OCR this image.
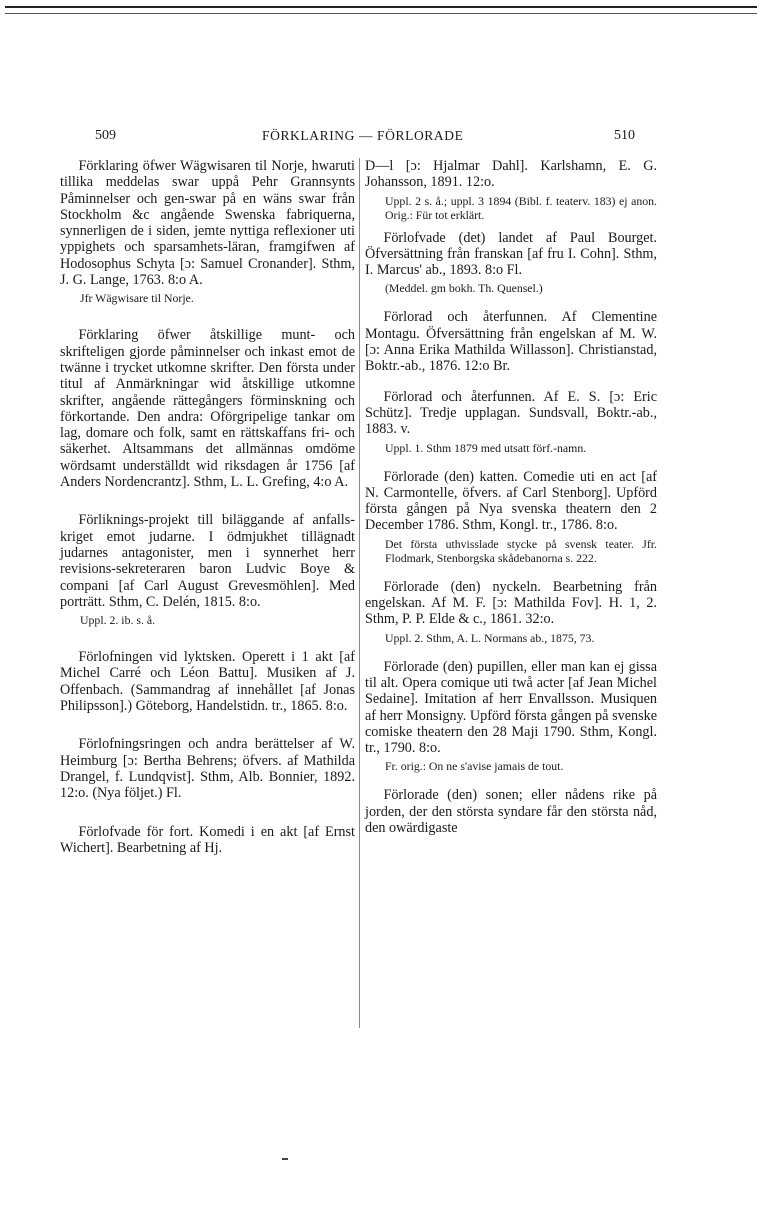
509	FÖRKLARING — FÖRLORADE	510

Förklaring öfwer Wägwisaren til Norje, hwaruti tillika meddelas swar uppå Pehr Grannsynts Påminnelser och gen-swar på en wäns swar från Stockholm &c angående Swenska fabriquerna, synnerligen de i siden, jemte nyttiga reflexioner uti yppighets och sparsamhets-läran, framgifwen af Hodosophus Schyta [ɔ: Samuel Cronander]. Sthm, J. G. Lange, 1763. 8:o A.

Jfr Wägwisare til Norje.

Förklaring öfwer åtskillige munt- och skrifteligen gjorde påminnelser och inkast emot de twänne i trycket utkomne skrifter. Den första under titul af Anmärkningar wid åtskillige utkomne skrifter, angående rättegångers förminskning och förkortande. Den andra: Oförgripelige tankar om lag, domare och folk, samt en rättskaffans fri- och säkerhet. Altsammans det allmännas omdöme wördsamt underställdt wid riksdagen år 1756 [af Anders Nordencrantz]. Sthm, L. L. Grefing, 4:o A.

Förliknings-projekt till biläggande af anfalls-kriget emot judarne. I ödmjukhet tillägnadt judarnes antagonister, men i synnerhet herr revisions-sekreteraren baron Ludvic Boye & compani [af Carl August Grevesmöhlen]. Med porträtt. Sthm, C. Delén, 1815. 8:o.

Uppl. 2. ib. s. å.

Förlofningen vid lyktsken. Operett i 1 akt [af Michel Carré och Léon Battu]. Musiken af J. Offenbach. (Sammandrag af innehållet [af Jonas Philipsson].) Göteborg, Handelstidn. tr., 1865. 8:o.

Förlofningsringen och andra berättelser af W. Heimburg [ɔ: Bertha Behrens; öfvers. af Mathilda Drangel, f. Lundqvist]. Sthm, Alb. Bonnier, 1892. 12:o. (Nya följet.) Fl.

Förlofvade för fort. Komedi i en akt [af Ernst Wichert]. Bearbetning af Hj.

D—l [ɔ: Hjalmar Dahl]. Karlshamn, E. G. Johansson, 1891. 12:o.

Uppl. 2 s. å.; uppl. 3 1894 (Bibl. f. teaterv. 183) ej anon. Orig.: Für tot erklärt.

Förlofvade (det) landet af Paul Bourget. Öfversättning från franskan [af fru I. Cohn]. Sthm, I. Marcus' ab., 1893. 8:o Fl.

(Meddel. gm bokh. Th. Quensel.)

Förlorad och återfunnen. Af Clementine Montagu. Öfversättning från engelskan af M. W. [ɔ: Anna Erika Mathilda Willasson]. Christianstad, Boktr.-ab., 1876. 12:o Br.

Förlorad och återfunnen. Af E. S. [ɔ: Eric Schütz]. Tredje upplagan. Sundsvall, Boktr.-ab., 1883. v.

Uppl. 1. Sthm 1879 med utsatt förf.-namn.

Förlorade (den) katten. Comedie uti en act [af N. Carmontelle, öfvers. af Carl Stenborg]. Upförd första gången på Nya svenska theatern den 2 December 1786. Sthm, Kongl. tr., 1786. 8:o.

Det första uthvisslade stycke på svensk teater. Jfr. Flodmark, Stenborgska skådebanorna s. 222.

Förlorade (den) nyckeln. Bearbetning från engelskan. Af M. F. [ɔ: Mathilda Fov]. H. 1, 2. Sthm, P. P. Elde & c., 1861. 32:o.

Uppl. 2. Sthm, A. L. Normans ab., 1875, 73.

Förlorade (den) pupillen, eller man kan ej gissa til alt. Opera comique uti twå acter [af Jean Michel Sedaine]. Imitation af herr Envallsson. Musiquen af herr Monsigny. Upförd första gången på svenske comiske theatern den 28 Maji 1790. Sthm, Kongl. tr., 1790. 8:o.

Fr. orig.: On ne s'avise jamais de tout.

Förlorade (den) sonen; eller nådens rike på jorden, der den största syndare får den största nåd, den owärdigaste
